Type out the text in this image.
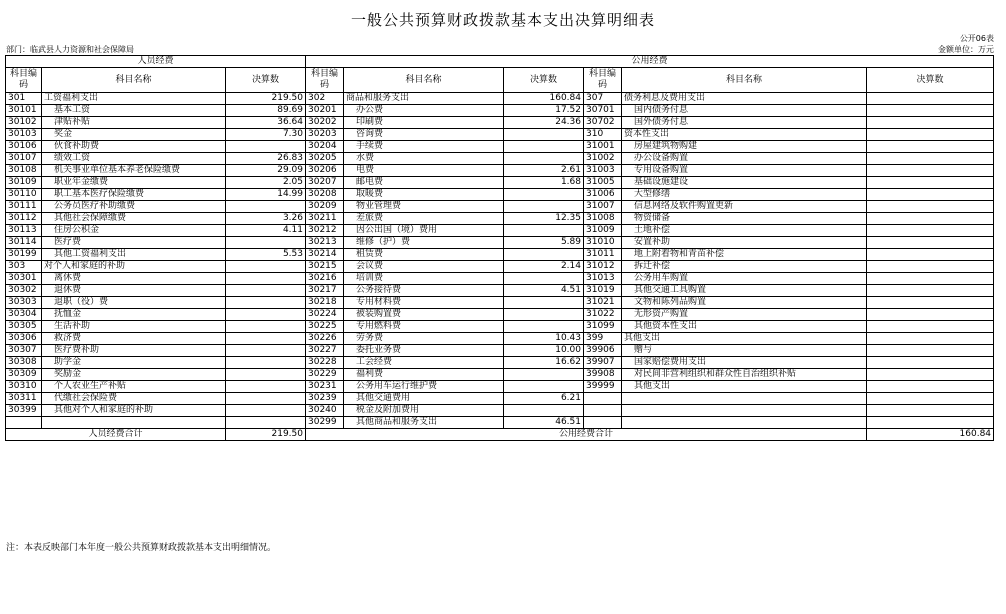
一般公共预算财政拨款基本支出决算明细表
公开06表
部门：临武县人力资源和社会保障局	金额单位：万元
人员经费			公用经费					
科目编码	科目名称	决算数	科目编码	科目名称	决算数	科目编码	科目名称	决算数
301	工资福利支出	219.50	302	商品和服务支出	160.84	307	债务利息及费用支出	
30101	基本工资	89.69	30201	办公费	17.52	30701	国内债务付息	
30102	津贴补贴	36.64	30202	印刷费	24.36	30702	国外债务付息	
30103	奖金	7.30	30203	咨询费		310	资本性支出	
30106	伙食补助费		30204	手续费		31001	房屋建筑物购建	
30107	绩效工资	26.83	30205	水费		31002	办公设备购置	
30108	机关事业单位基本养老保险缴费	29.09	30206	电费	2.61	31003	专用设备购置	
30109	职业年金缴费	2.05	30207	邮电费	1.68	31005	基础设施建设	
30110	职工基本医疗保险缴费	14.99	30208	取暖费		31006	大型修缮	
30111	公务员医疗补助缴费		30209	物业管理费		31007	信息网络及软件购置更新	
30112	其他社会保障缴费	3.26	30211	差旅费	12.35	31008	物资储备	
30113	住房公积金	4.11	30212	因公出国（境）费用		31009	土地补偿	
30114	医疗费		30213	维修（护）费	5.89	31010	安置补助	
30199	其他工资福利支出	5.53	30214	租赁费		31011	地上附着物和青苗补偿	
303	对个人和家庭的补助		30215	会议费	2.14	31012	拆迁补偿	
30301	离休费		30216	培训费		31013	公务用车购置	
30302	退休费		30217	公务接待费	4.51	31019	其他交通工具购置	
30303	退职（役）费		30218	专用材料费		31021	文物和陈列品购置	
30304	抚恤金		30224	被装购置费		31022	无形资产购置	
30305	生活补助		30225	专用燃料费		31099	其他资本性支出	
30306	救济费		30226	劳务费	10.43	399	其他支出	
30307	医疗费补助		30227	委托业务费	10.00	39906	赠与	
30308	助学金		30228	工会经费	16.62	39907	国家赔偿费用支出	
30309	奖励金		30229	福利费		39908	对民间非营利组织和群众性自治组织补贴	
30310	个人农业生产补贴		30231	公务用车运行维护费		39999	其他支出	
30311	代缴社会保险费		30239	其他交通费用	6.21			
30399	其他对个人和家庭的补助		30240	税金及附加费用				
			30299	其他商品和服务支出	46.51			
人员经费合计		219.50	公用经费合计					160.84
注：本表反映部门本年度一般公共预算财政拨款基本支出明细情况。
